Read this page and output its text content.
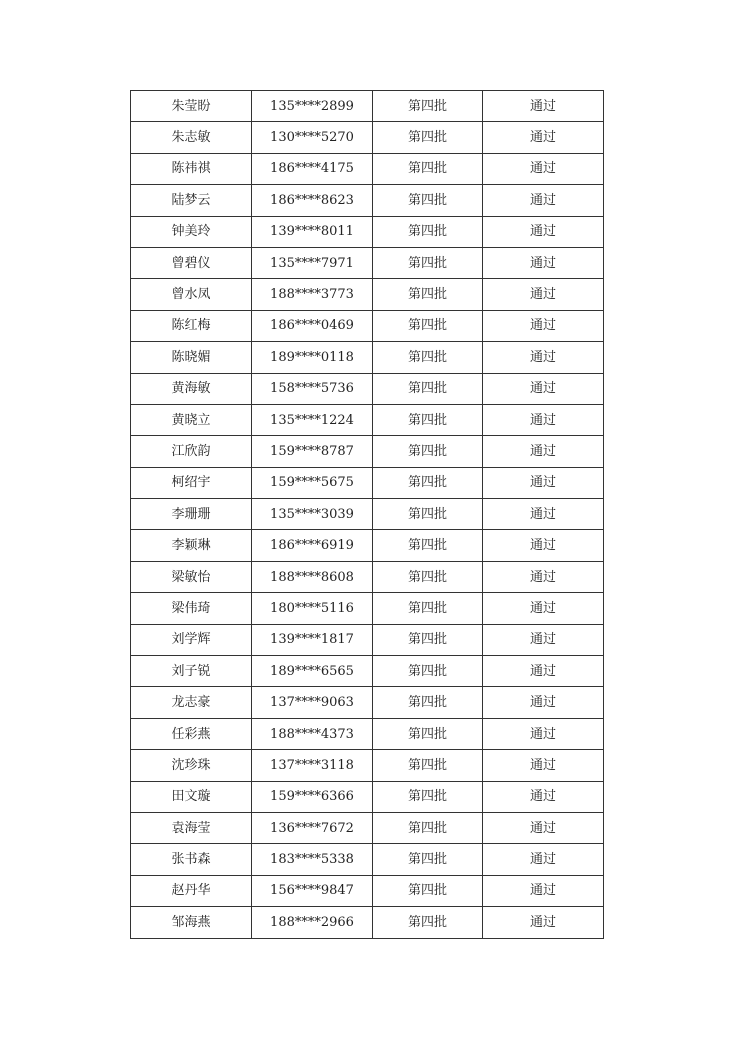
朱莹盼	135****2899	第四批	通过
朱志敏	130****5270	第四批	通过
陈祎祺	186****4175	第四批	通过
陆梦云	186****8623	第四批	通过
钟美玲	139****8011	第四批	通过
曾碧仪	135****7971	第四批	通过
曾水凤	188****3773	第四批	通过
陈红梅	186****0469	第四批	通过
陈晓媚	189****0118	第四批	通过
黄海敏	158****5736	第四批	通过
黄晓立	135****1224	第四批	通过
江欣韵	159****8787	第四批	通过
柯绍宇	159****5675	第四批	通过
李珊珊	135****3039	第四批	通过
李颖琳	186****6919	第四批	通过
梁敏怡	188****8608	第四批	通过
梁伟琦	180****5116	第四批	通过
刘学辉	139****1817	第四批	通过
刘子锐	189****6565	第四批	通过
龙志豪	137****9063	第四批	通过
任彩燕	188****4373	第四批	通过
沈珍珠	137****3118	第四批	通过
田文璇	159****6366	第四批	通过
袁海莹	136****7672	第四批	通过
张书森	183****5338	第四批	通过
赵丹华	156****9847	第四批	通过
邹海燕	188****2966	第四批	通过
